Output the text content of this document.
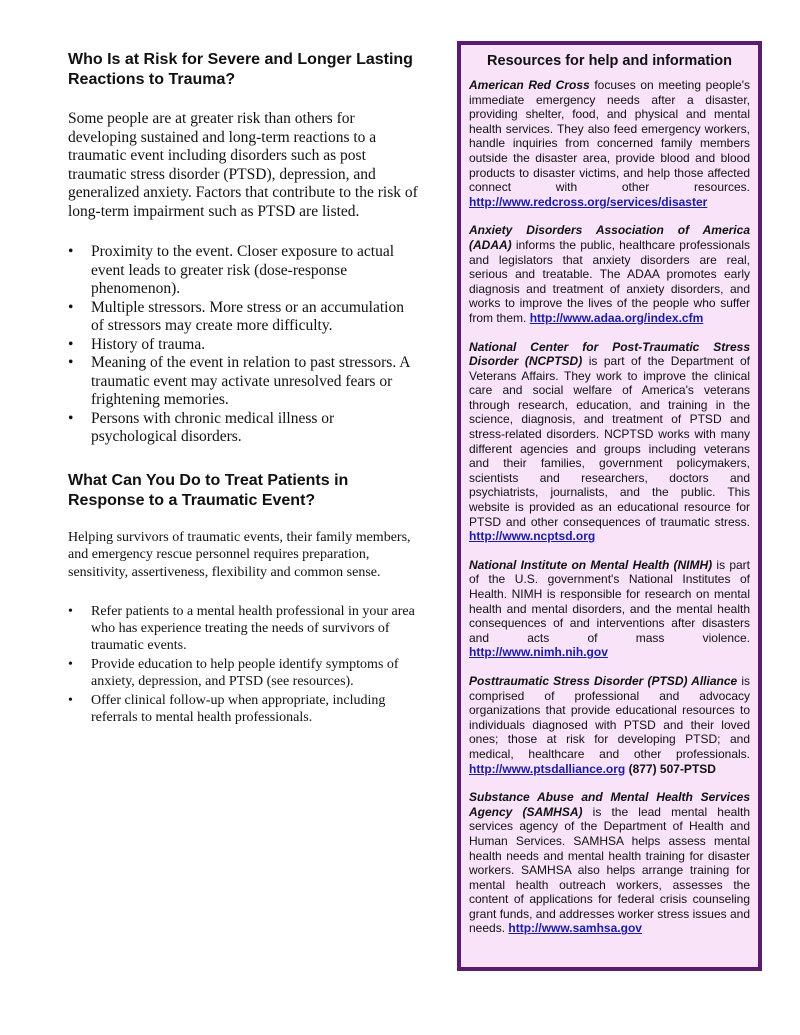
Who Is at Risk for Severe and Longer Lasting Reactions to Trauma?

Some people are at greater risk than others for developing sustained and long-term reactions to a traumatic event including disorders such as post traumatic stress disorder (PTSD), depression, and generalized anxiety. Factors that contribute to the risk of long-term impairment such as PTSD are listed.

• Proximity to the event. Closer exposure to actual event leads to greater risk (dose-response phenomenon).
• Multiple stressors. More stress or an accumulation of stressors may create more difficulty.
• History of trauma.
• Meaning of the event in relation to past stressors. A traumatic event may activate unresolved fears or frightening memories.
• Persons with chronic medical illness or psychological disorders.
What Can You Do to Treat Patients in Response to a Traumatic Event?

Helping survivors of traumatic events, their family members, and emergency rescue personnel requires preparation, sensitivity, assertiveness, flexibility and common sense.

• Refer patients to a mental health professional in your area who has experience treating the needs of survivors of traumatic events.
• Provide education to help people identify symptoms of anxiety, depression, and PTSD (see resources).
• Offer clinical follow-up when appropriate, including referrals to mental health professionals.
Resources for help and information

American Red Cross focuses on meeting people's immediate emergency needs after a disaster, providing shelter, food, and physical and mental health services. They also feed emergency workers, handle inquiries from concerned family members outside the disaster area, provide blood and blood products to disaster victims, and help those affected connect with other resources. http://www.redcross.org/services/disaster

Anxiety Disorders Association of America (ADAA) informs the public, healthcare professionals and legislators that anxiety disorders are real, serious and treatable. The ADAA promotes early diagnosis and treatment of anxiety disorders, and works to improve the lives of the people who suffer from them. http://www.adaa.org/index.cfm

National Center for Post-Traumatic Stress Disorder (NCPTSD) is part of the Department of Veterans Affairs. They work to improve the clinical care and social welfare of America's veterans through research, education, and training in the science, diagnosis, and treatment of PTSD and stress-related disorders. NCPTSD works with many different agencies and groups including veterans and their families, government policymakers, scientists and researchers, doctors and psychiatrists, journalists, and the public. This website is provided as an educational resource for PTSD and other consequences of traumatic stress. http://www.ncptsd.org

National Institute on Mental Health (NIMH) is part of the U.S. government's National Institutes of Health. NIMH is responsible for research on mental health and mental disorders, and the mental health consequences of and interventions after disasters and acts of mass violence. http://www.nimh.nih.gov

Posttraumatic Stress Disorder (PTSD) Alliance is comprised of professional and advocacy organizations that provide educational resources to individuals diagnosed with PTSD and their loved ones; those at risk for developing PTSD; and medical, healthcare and other professionals. http://www.ptsdalliance.org (877) 507-PTSD

Substance Abuse and Mental Health Services Agency (SAMHSA) is the lead mental health services agency of the Department of Health and Human Services. SAMHSA helps assess mental health needs and mental health training for disaster workers. SAMHSA also helps arrange training for mental health outreach workers, assesses the content of applications for federal crisis counseling grant funds, and addresses worker stress issues and needs. http://www.samhsa.gov
